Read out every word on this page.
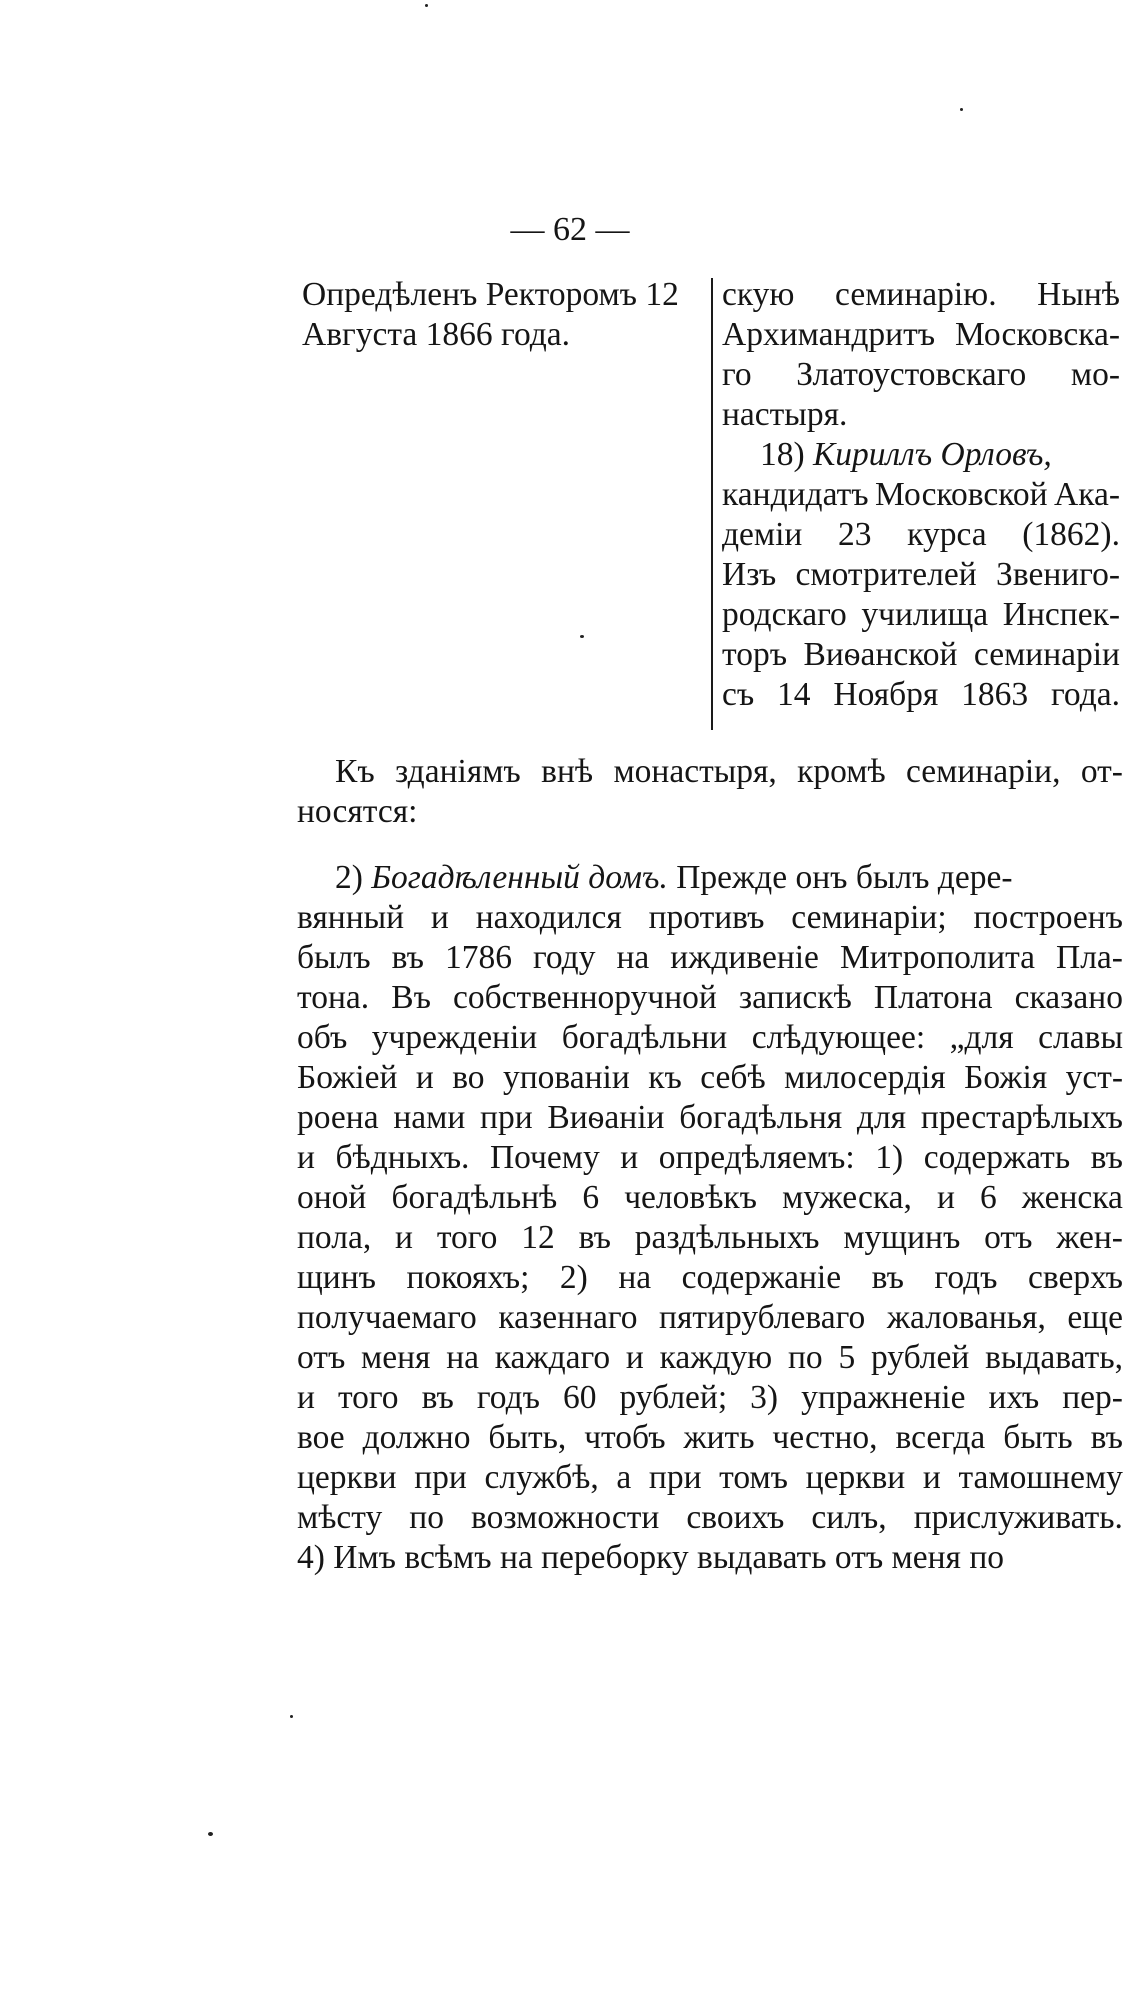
— 62 —
Опредѣленъ Ректоромъ 12
Августа 1866 года.
скую семинарію. Нынѣ
Архимандритъ Московска-
го Златоустовскаго мо-
настыря.
18) Кириллъ Орловъ,
кандидатъ Московской Ака-
деміи 23 курса (1862).
Изъ смотрителей Звениго-
родскаго училища Инспек-
торъ Виѳанской семинаріи
съ 14 Ноября 1863 года.
Къ зданіямъ внѣ монастыря, кромѣ семинаріи, от-
носятся:
2) Богадѣленный домъ. Прежде онъ былъ дере-
вянный и находился противъ семинаріи; построенъ
былъ въ 1786 году на иждивеніе Митрополита Пла-
тона. Въ собственноручной запискѣ Платона сказано
объ учрежденіи богадѣльни слѣдующее: „для славы
Божіей и во упованіи къ себѣ милосердія Божія уст-
роена нами при Виѳаніи богадѣльня для престарѣлыхъ
и бѣдныхъ. Почему и опредѣляемъ: 1) содержать въ
оной богадѣльнѣ 6 человѣкъ мужеска, и 6 женска
пола, и того 12 въ раздѣльныхъ мущинъ отъ жен-
щинъ покояхъ; 2) на содержаніе въ годъ сверхъ
получаемаго казеннаго пятирублеваго жалованья, еще
отъ меня на каждаго и каждую по 5 рублей выдавать,
и того въ годъ 60 рублей; 3) упражненіе ихъ пер-
вое должно быть, чтобъ жить честно, всегда быть въ
церкви при службѣ, а при томъ церкви и тамошнему
мѣсту по возможности своихъ силъ, прислуживать.
4) Имъ всѣмъ на переборку выдавать отъ меня по
